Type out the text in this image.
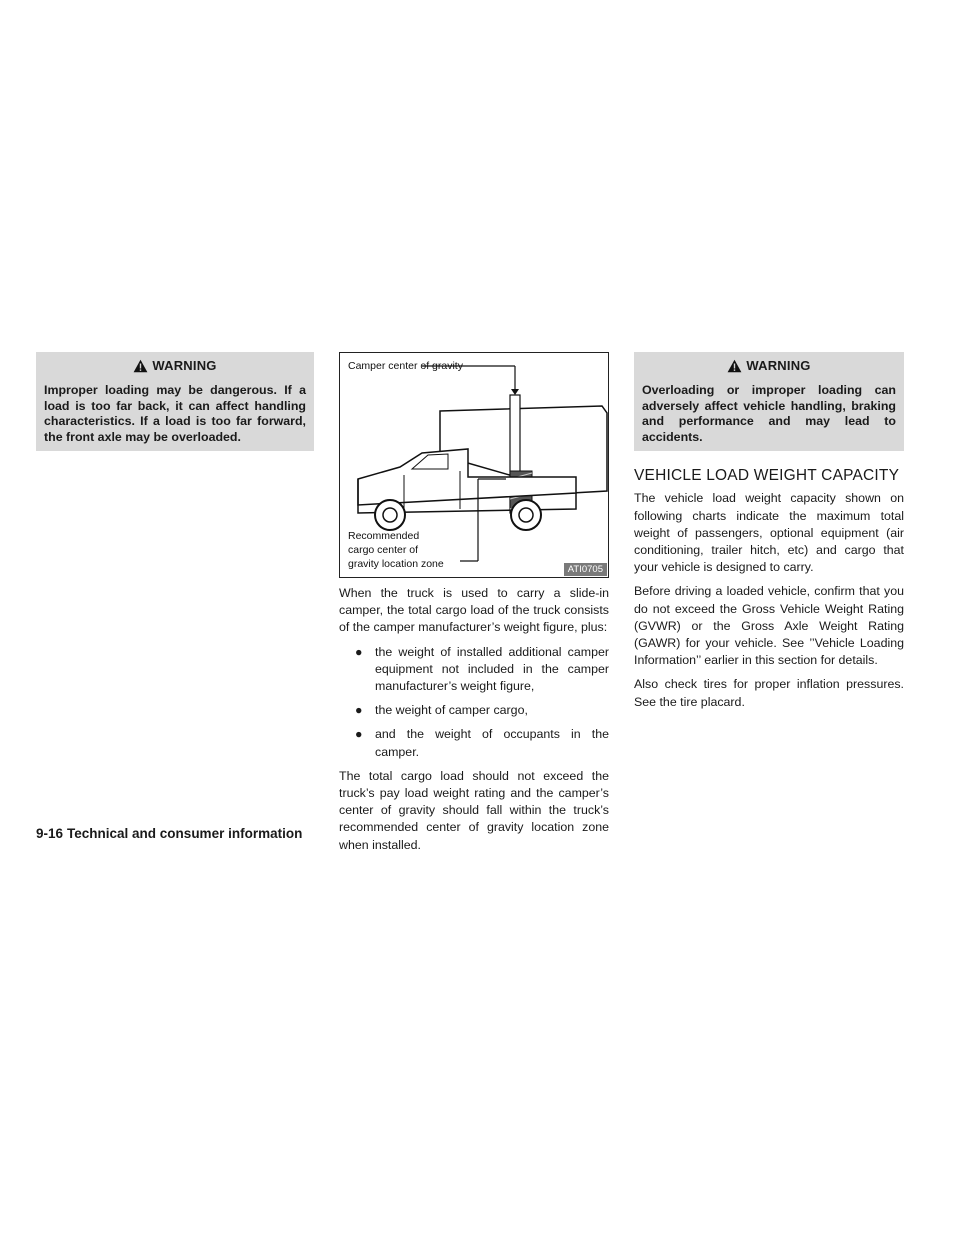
WARNING
Improper loading may be dangerous. If a load is too far back, it can affect handling characteristics. If a load is too far forward, the front axle may be overloaded.
Camper center of gravity
Recommended
cargo center of
gravity location zone	ATI0705

When the truck is used to carry a slide-in camper, the total cargo load of the truck consists of the camper manufacturer’s weight figure, plus:

● the weight of installed additional camper equipment not included in the camper manufacturer’s weight figure,
● the weight of camper cargo,
● and the weight of occupants in the camper.

The total cargo load should not exceed the truck’s pay load weight rating and the camper’s center of gravity should fall within the truck’s recommended center of gravity location zone when installed.

WARNING
Overloading or improper loading can adversely affect vehicle handling, braking and performance and may lead to accidents.
VEHICLE LOAD WEIGHT CAPACITY

The vehicle load weight capacity shown on following charts indicate the maximum total weight of passengers, optional equipment (air conditioning, trailer hitch, etc) and cargo that your vehicle is designed to carry.

Before driving a loaded vehicle, confirm that you do not exceed the Gross Vehicle Weight Rating (GVWR) or the Gross Axle Weight Rating (GAWR) for your vehicle. See ’’Vehicle Loading Information’’ earlier in this section for details.

Also check tires for proper inflation pressures. See the tire placard.

9-16 Technical and consumer information
